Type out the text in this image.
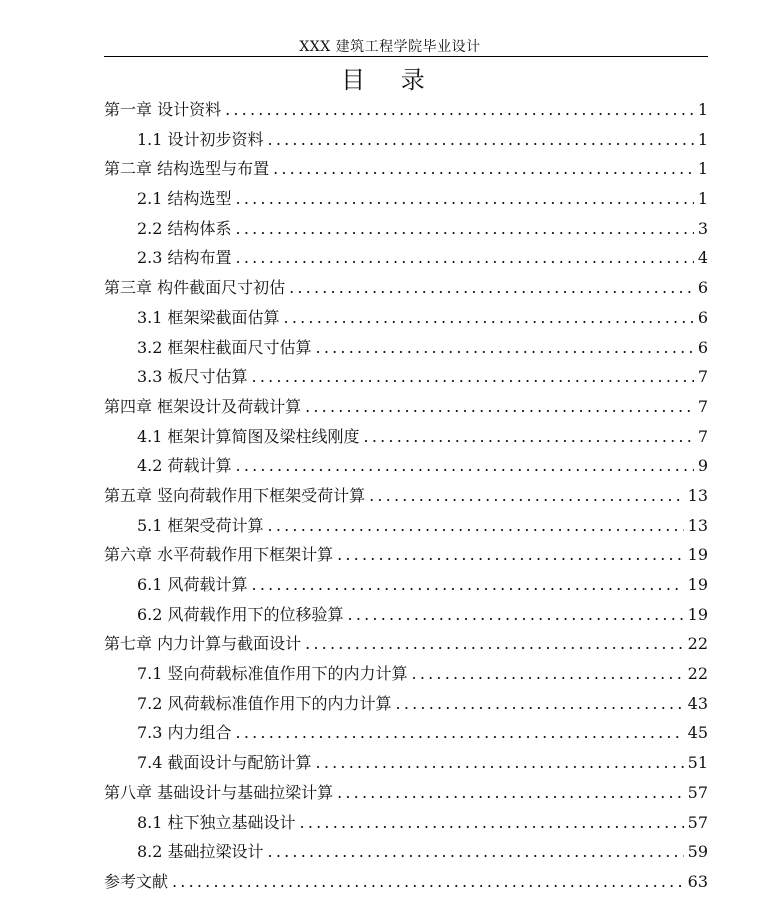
XXX 建筑工程学院毕业设计
目 录
第一章 设计资料 .....	1
1.1 设计初步资料 .....	1
第二章 结构选型与布置 .....	1
2.1 结构选型 .....	1
2.2 结构体系 .....	3
2.3 结构布置 .....	4
第三章 构件截面尺寸初估 .....	6
3.1 框架梁截面估算 .....	6
3.2 框架柱截面尺寸估算 .....	6
3.3 板尺寸估算 .....	7
第四章 框架设计及荷载计算 .....	7
4.1 框架计算简图及梁柱线刚度 .....	7
4.2 荷载计算 .....	9
第五章 竖向荷载作用下框架受荷计算 .....	13
5.1 框架受荷计算 .....	13
第六章 水平荷载作用下框架计算 .....	19
6.1 风荷载计算 .....	19
6.2 风荷载作用下的位移验算 .....	19
第七章 内力计算与截面设计 .....	22
7.1 竖向荷载标准值作用下的内力计算 .....	22
7.2 风荷载标准值作用下的内力计算 .....	43
7.3 内力组合 .....	45
7.4 截面设计与配筋计算 .....	51
第八章 基础设计与基础拉梁计算 .....	57
8.1 柱下独立基础设计 .....	57
8.2 基础拉梁设计 .....	59
参考文献 .....	63
